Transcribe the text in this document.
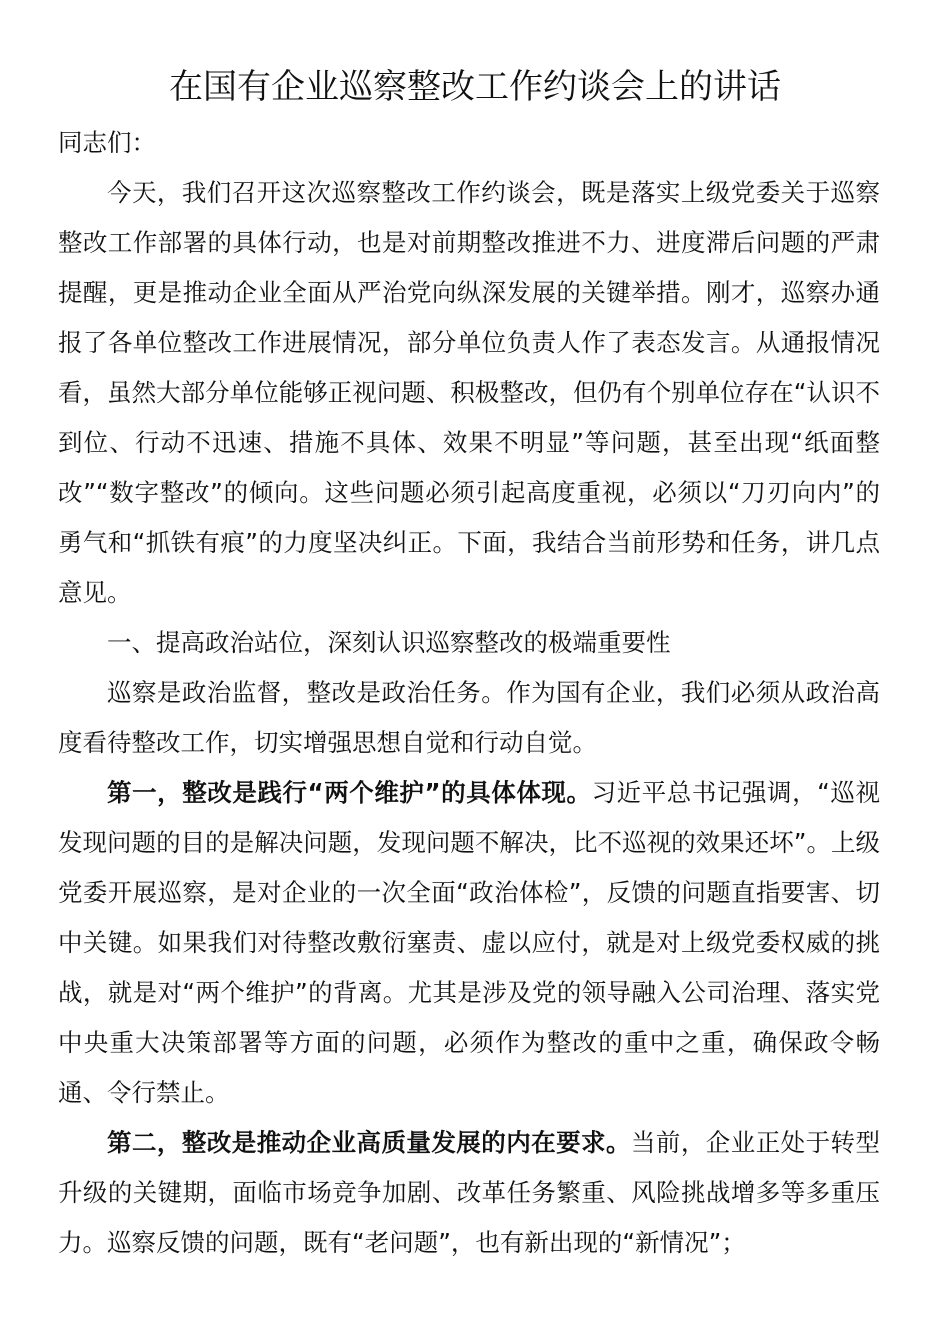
在国有企业巡察整改工作约谈会上的讲话

同志们：

今天，我们召开这次巡察整改工作约谈会，既是落实上级党委关于巡察整改工作部署的具体行动，也是对前期整改推进不力、进度滞后问题的严肃提醒，更是推动企业全面从严治党向纵深发展的关键举措。刚才，巡察办通报了各单位整改工作进展情况，部分单位负责人作了表态发言。从通报情况看，虽然大部分单位能够正视问题、积极整改，但仍有个别单位存在“认识不到位、行动不迅速、措施不具体、效果不明显”等问题，甚至出现“纸面整改”“数字整改”的倾向。这些问题必须引起高度重视，必须以“刀刃向内”的勇气和“抓铁有痕”的力度坚决纠正。下面，我结合当前形势和任务，讲几点意见。

一、提高政治站位，深刻认识巡察整改的极端重要性

巡察是政治监督，整改是政治任务。作为国有企业，我们必须从政治高度看待整改工作，切实增强思想自觉和行动自觉。

第一，整改是践行“两个维护”的具体体现。习近平总书记强调，“巡视发现问题的目的是解决问题，发现问题不解决，比不巡视的效果还坏”。上级党委开展巡察，是对企业的一次全面“政治体检”，反馈的问题直指要害、切中关键。如果我们对待整改敷衍塞责、虚以应付，就是对上级党委权威的挑战，就是对“两个维护”的背离。尤其是涉及党的领导融入公司治理、落实党中央重大决策部署等方面的问题，必须作为整改的重中之重，确保政令畅通、令行禁止。

第二，整改是推动企业高质量发展的内在要求。当前，企业正处于转型升级的关键期，面临市场竞争加剧、改革任务繁重、风险挑战增多等多重压力。巡察反馈的问题，既有“老问题”，也有新出现的“新情况”；
